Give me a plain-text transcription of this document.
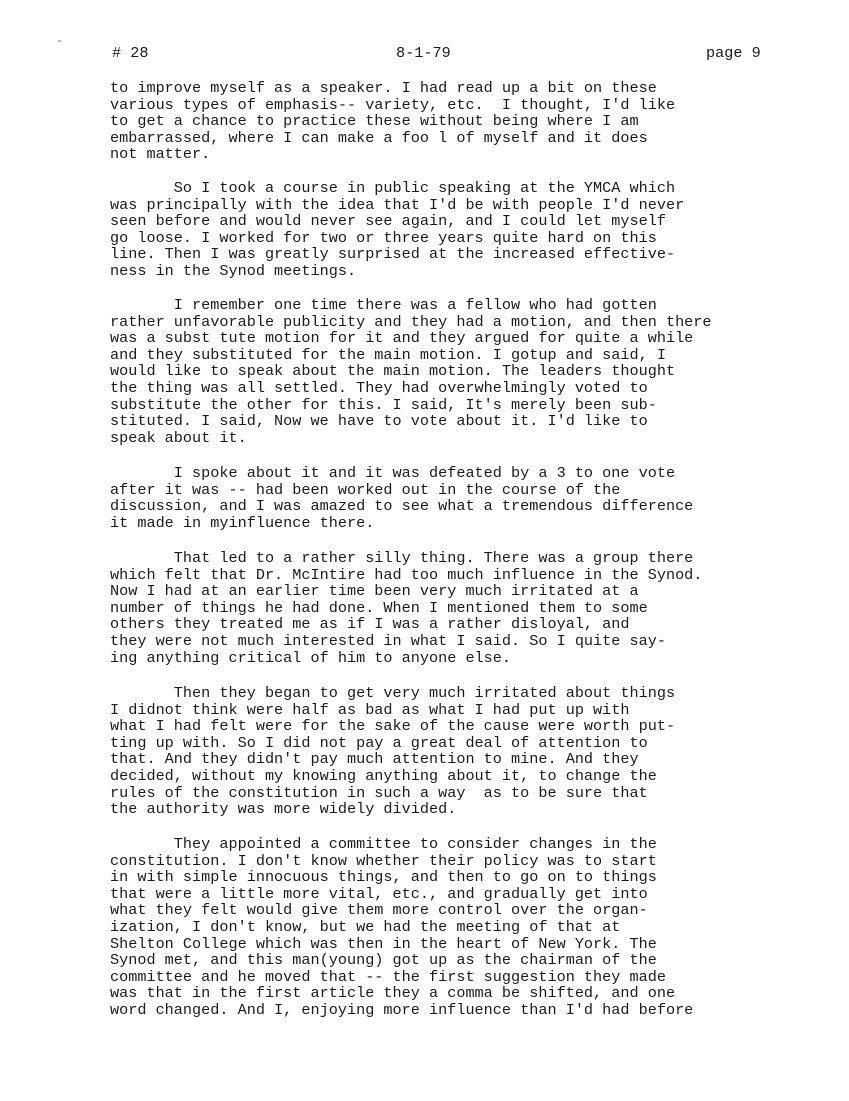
# 28	8-1-79	page 9

to improve myself as a speaker. I had read up a bit on these
various types of emphasis-- variety, etc.  I thought, I'd like
to get a chance to practice these without being where I am
embarrassed, where I can make a foo l of myself and it does
not matter.

So I took a course in public speaking at the YMCA which
was principally with the idea that I'd be with people I'd never
seen before and would never see again, and I could let myself
go loose. I worked for two or three years quite hard on this
line. Then I was greatly surprised at the increased effective-
ness in the Synod meetings.

I remember one time there was a fellow who had gotten
rather unfavorable publicity and they had a motion, and then there
was a subst tute motion for it and they argued for quite a while
and they substituted for the main motion. I gotup and said, I
would like to speak about the main motion. The leaders thought
the thing was all settled. They had overwhelmingly voted to
substitute the other for this. I said, It's merely been sub-
stituted. I said, Now we have to vote about it. I'd like to
speak about it.

I spoke about it and it was defeated by a 3 to one vote
after it was -- had been worked out in the course of the
discussion, and I was amazed to see what a tremendous difference
it made in myinfluence there.

That led to a rather silly thing. There was a group there
which felt that Dr. McIntire had too much influence in the Synod.
Now I had at an earlier time been very much irritated at a
number of things he had done. When I mentioned them to some
others they treated me as if I was a rather disloyal, and
they were not much interested in what I said. So I quite say-
ing anything critical of him to anyone else.

Then they began to get very much irritated about things
I didnot think were half as bad as what I had put up with
what I had felt were for the sake of the cause were worth put-
ting up with. So I did not pay a great deal of attention to
that. And they didn't pay much attention to mine. And they
decided, without my knowing anything about it, to change the
rules of the constitution in such a way  as to be sure that
the authority was more widely divided.

They appointed a committee to consider changes in the
constitution. I don't know whether their policy was to start
in with simple innocuous things, and then to go on to things
that were a little more vital, etc., and gradually get into
what they felt would give them more control over the organ-
ization, I don't know, but we had the meeting of that at
Shelton College which was then in the heart of New York. The
Synod met, and this man(young) got up as the chairman of the
committee and he moved that -- the first suggestion they made
was that in the first article they a comma be shifted, and one
word changed. And I, enjoying more influence than I'd had before
